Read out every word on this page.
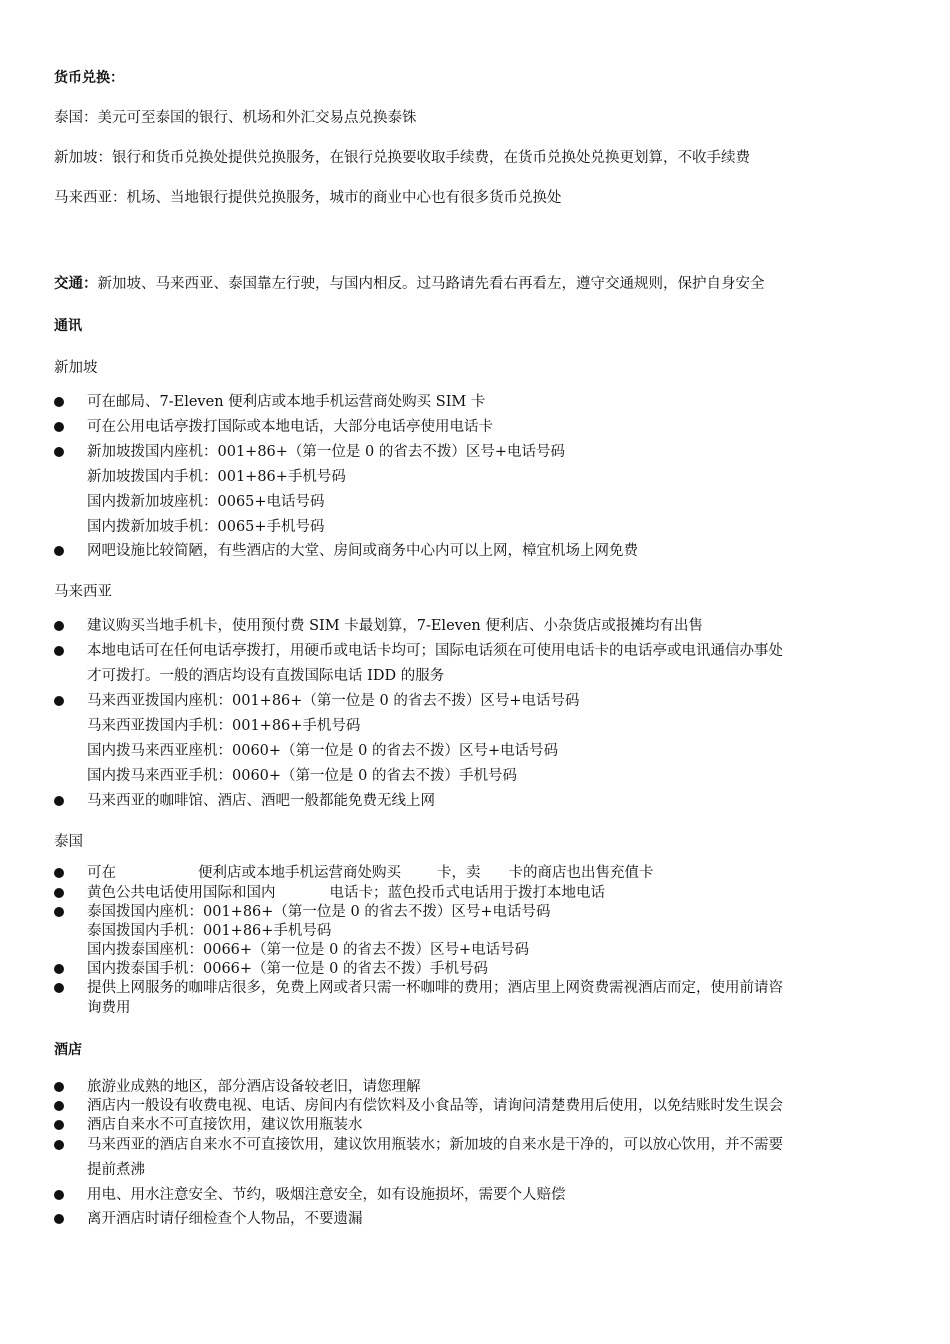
货币兑换：
泰国：美元可至泰国的银行、机场和外汇交易点兑换泰铢
新加坡：银行和货币兑换处提供兑换服务，在银行兑换要收取手续费，在货币兑换处兑换更划算，不收手续费
马来西亚：机场、当地银行提供兑换服务，城市的商业中心也有很多货币兑换处
交通：新加坡、马来西亚、泰国靠左行驶，与国内相反。过马路请先看右再看左，遵守交通规则，保护自身安全
通讯
新加坡
可在邮局、7-Eleven 便利店或本地手机运营商处购买 SIM 卡
可在公用电话亭拨打国际或本地电话，大部分电话亭使用电话卡
新加坡拨国内座机：001+86+（第一位是 0 的省去不拨）区号+电话号码
新加坡拨国内手机：001+86+手机号码
国内拨新加坡座机：0065+电话号码
国内拨新加坡手机：0065+手机号码
网吧设施比较简陋，有些酒店的大堂、房间或商务中心内可以上网，樟宜机场上网免费
马来西亚
建议购买当地手机卡，使用预付费 SIM 卡最划算，7-Eleven 便利店、小杂货店或报摊均有出售
本地电话可在任何电话亭拨打，用硬币或电话卡均可；国际电话须在可使用电话卡的电话亭或电讯通信办事处
才可拨打。一般的酒店均设有直拨国际电话 IDD 的服务
马来西亚拨国内座机：001+86+（第一位是 0 的省去不拨）区号+电话号码
马来西亚拨国内手机：001+86+手机号码
国内拨马来西亚座机：0060+（第一位是 0 的省去不拨）区号+电话号码
国内拨马来西亚手机：0060+（第一位是 0 的省去不拨）手机号码
马来西亚的咖啡馆、酒店、酒吧一般都能免费无线上网
泰国
可在	便利店或本地手机运营商处购买 卡，卖 卡的商店也出售充值卡
黄色公共电话使用国际和国内	电话卡；蓝色投币式电话用于拨打本地电话
泰国拨国内座机：001+86+（第一位是 0 的省去不拨）区号+电话号码
泰国拨国内手机：001+86+手机号码
国内拨泰国座机：0066+（第一位是 0 的省去不拨）区号+电话号码
国内拨泰国手机：0066+（第一位是 0 的省去不拨）手机号码
提供上网服务的咖啡店很多，免费上网或者只需一杯咖啡的费用；酒店里上网资费需视酒店而定，使用前请咨
询费用
酒店
旅游业成熟的地区，部分酒店设备较老旧，请您理解
酒店内一般设有收费电视、电话、房间内有偿饮料及小食品等，请询问清楚费用后使用，以免结账时发生误会
酒店自来水不可直接饮用，建议饮用瓶装水
马来西亚的酒店自来水不可直接饮用，建议饮用瓶装水；新加坡的自来水是干净的，可以放心饮用，并不需要
提前煮沸
用电、用水注意安全、节约，吸烟注意安全，如有设施损坏，需要个人赔偿
离开酒店时请仔细检查个人物品，不要遗漏
